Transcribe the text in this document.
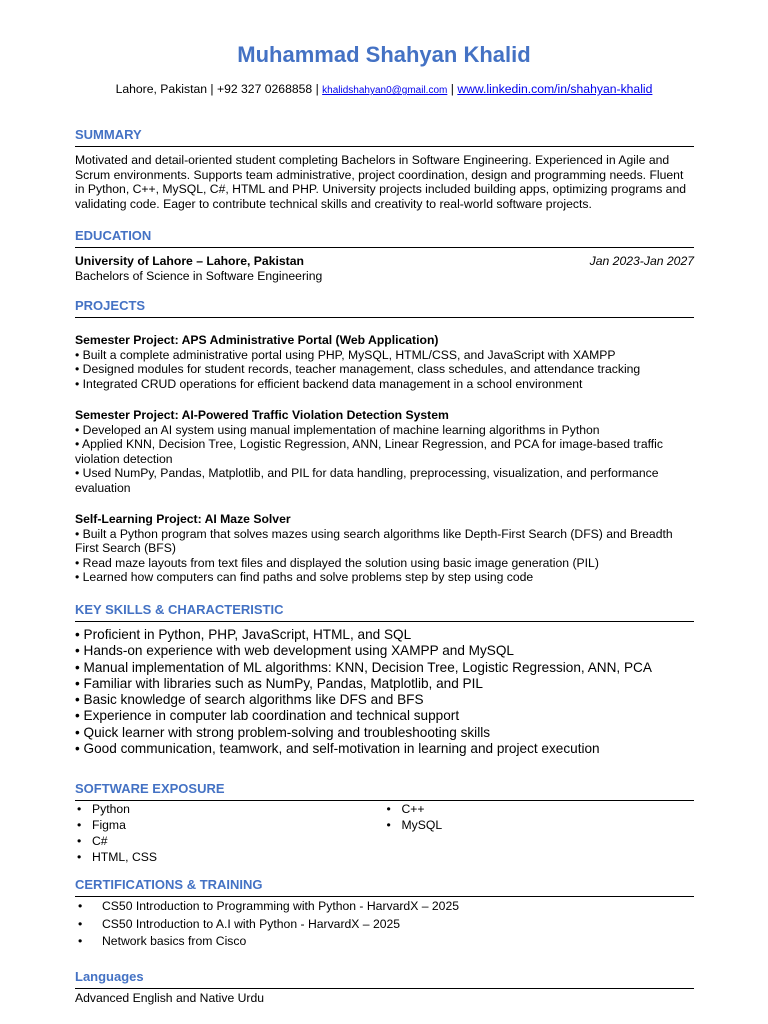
Muhammad Shahyan Khalid
Lahore, Pakistan | +92 327 0268858 | khalidshahyan0@gmail.com | www.linkedin.com/in/shahyan-khalid
SUMMARY
Motivated and detail-oriented student completing Bachelors in Software Engineering. Experienced in Agile and Scrum environments. Supports team administrative, project coordination, design and programming needs. Fluent in Python, C++, MySQL, C#, HTML and PHP. University projects included building apps, optimizing programs and validating code. Eager to contribute technical skills and creativity to real-world software projects.
EDUCATION
University of Lahore – Lahore, Pakistan	Jan 2023-Jan 2027
Bachelors of Science in Software Engineering
PROJECTS
Semester Project: APS Administrative Portal (Web Application)
• Built a complete administrative portal using PHP, MySQL, HTML/CSS, and JavaScript with XAMPP
• Designed modules for student records, teacher management, class schedules, and attendance tracking
• Integrated CRUD operations for efficient backend data management in a school environment
Semester Project: AI-Powered Traffic Violation Detection System
• Developed an AI system using manual implementation of machine learning algorithms in Python
• Applied KNN, Decision Tree, Logistic Regression, ANN, Linear Regression, and PCA for image-based traffic violation detection
• Used NumPy, Pandas, Matplotlib, and PIL for data handling, preprocessing, visualization, and performance evaluation
Self-Learning Project: AI Maze Solver
• Built a Python program that solves mazes using search algorithms like Depth-First Search (DFS) and Breadth First Search (BFS)
• Read maze layouts from text files and displayed the solution using basic image generation (PIL)
• Learned how computers can find paths and solve problems step by step using code
KEY SKILLS & CHARACTERISTIC
• Proficient in Python, PHP, JavaScript, HTML, and SQL
• Hands-on experience with web development using XAMPP and MySQL
• Manual implementation of ML algorithms: KNN, Decision Tree, Logistic Regression, ANN, PCA
• Familiar with libraries such as NumPy, Pandas, Matplotlib, and PIL
• Basic knowledge of search algorithms like DFS and BFS
• Experience in computer lab coordination and technical support
• Quick learner with strong problem-solving and troubleshooting skills
• Good communication, teamwork, and self-motivation in learning and project execution
SOFTWARE EXPOSURE
• Python
• Figma
• C#
• HTML, CSS
• C++
• MySQL
CERTIFICATIONS & TRAINING
• CS50 Introduction to Programming with Python - HarvardX – 2025
• CS50 Introduction to A.I with Python - HarvardX – 2025
• Network basics from Cisco
Languages
Advanced English and Native Urdu
